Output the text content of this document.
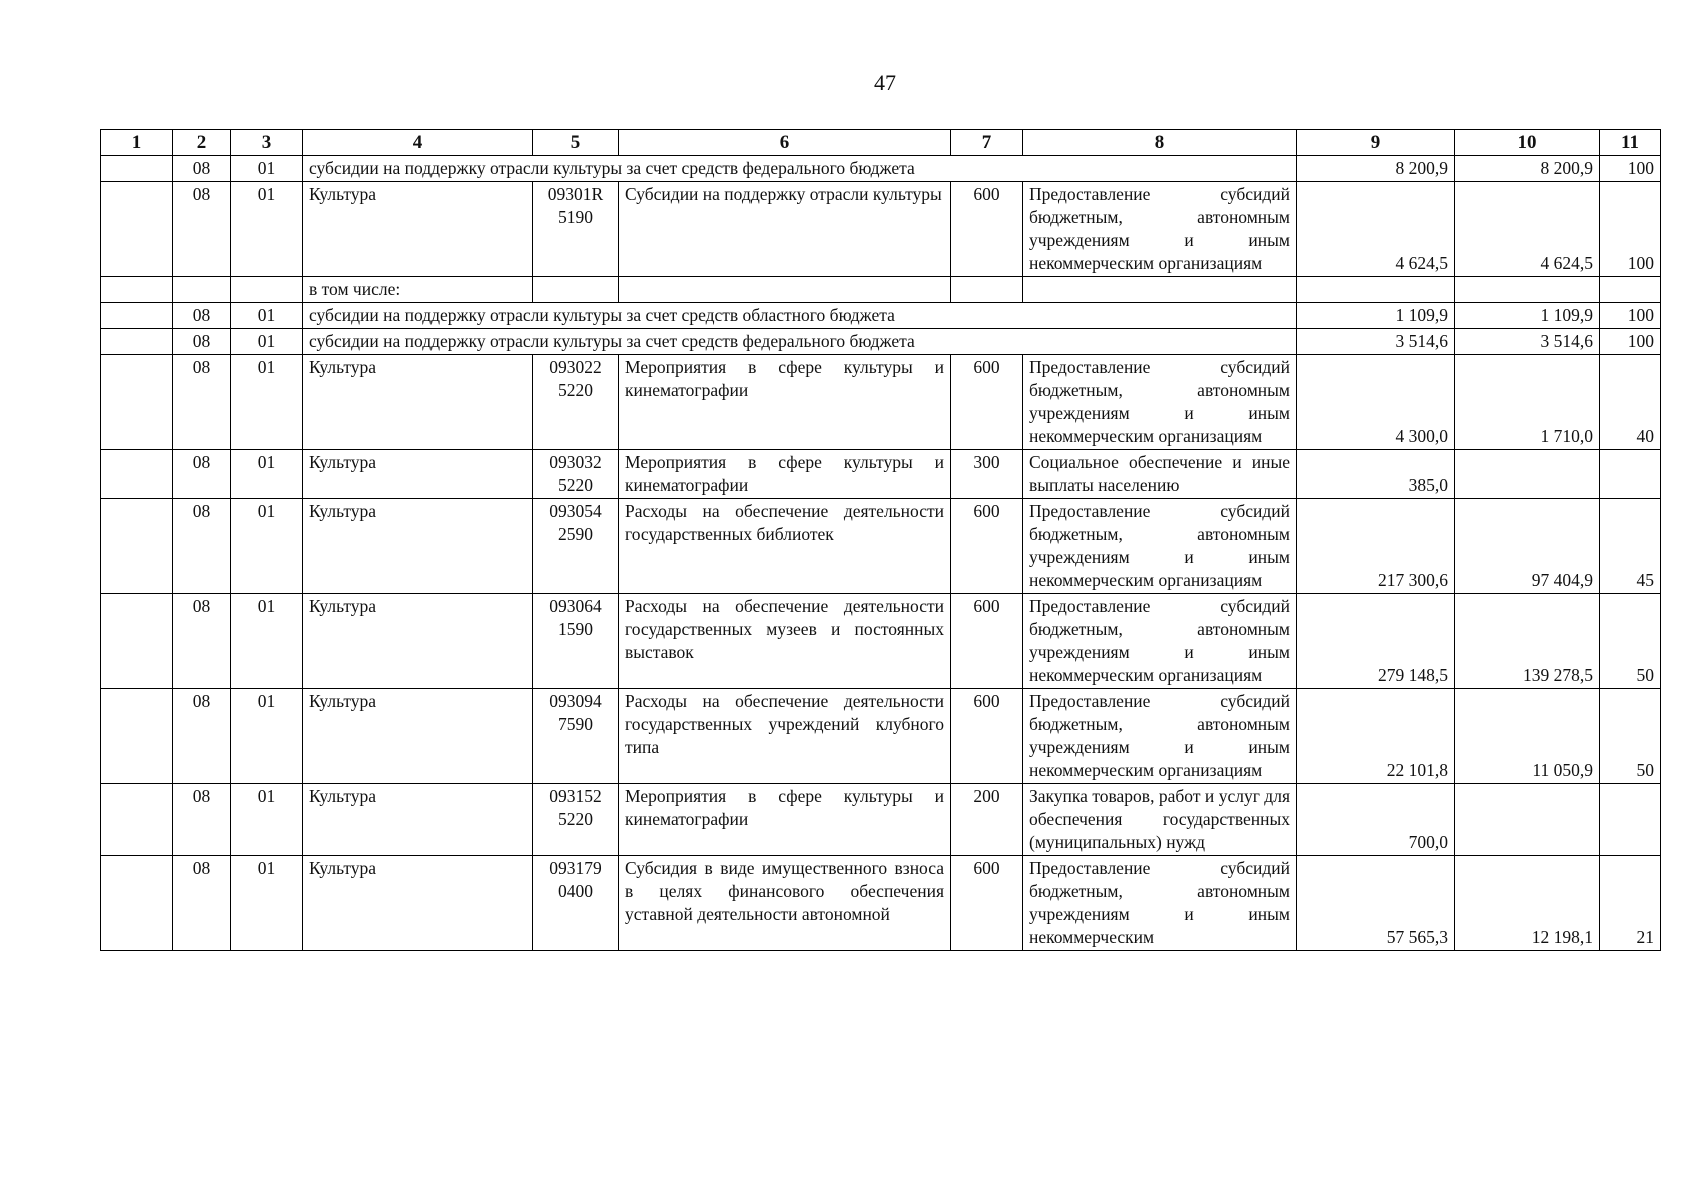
47
1	2	3	4	5	6	7	8	9	10	11
	08	01	субсидии на поддержку отрасли культуры за счет средств федерального бюджета					8 200,9	8 200,9	100
	08	01	Культура	09301R 5190	Субсидии на поддержку отрасли культуры	600	Предоставление субсидий бюджетным, автономным учреждениям и иным некоммерческим организациям	4 624,5	4 624,5	100
			в том числе:							
	08	01	субсидии на поддержку отрасли культуры за счет средств областного бюджета					1 109,9	1 109,9	100
	08	01	субсидии на поддержку отрасли культуры за счет средств федерального бюджета					3 514,6	3 514,6	100
	08	01	Культура	093022 5220	Мероприятия в сфере культуры и кинематографии	600	Предоставление субсидий бюджетным, автономным учреждениям и иным некоммерческим организациям	4 300,0	1 710,0	40
	08	01	Культура	093032 5220	Мероприятия в сфере культуры и кинематографии	300	Социальное обеспечение и иные выплаты населению	385,0		
	08	01	Культура	093054 2590	Расходы на обеспечение деятельности государственных библиотек	600	Предоставление субсидий бюджетным, автономным учреждениям и иным некоммерческим организациям	217 300,6	97 404,9	45
	08	01	Культура	093064 1590	Расходы на обеспечение деятельности государственных музеев и постоянных выставок	600	Предоставление субсидий бюджетным, автономным учреждениям и иным некоммерческим организациям	279 148,5	139 278,5	50
	08	01	Культура	093094 7590	Расходы на обеспечение деятельности государственных учреждений клубного типа	600	Предоставление субсидий бюджетным, автономным учреждениям и иным некоммерческим организациям	22 101,8	11 050,9	50
	08	01	Культура	093152 5220	Мероприятия в сфере культуры и кинематографии	200	Закупка товаров, работ и услуг для обеспечения государственных (муниципальных) нужд	700,0		
	08	01	Культура	093179 0400	Субсидия в виде имущественного взноса в целях финансового обеспечения уставной деятельности автономной	600	Предоставление субсидий бюджетным, автономным учреждениям и иным некоммерческим	57 565,3	12 198,1	21
